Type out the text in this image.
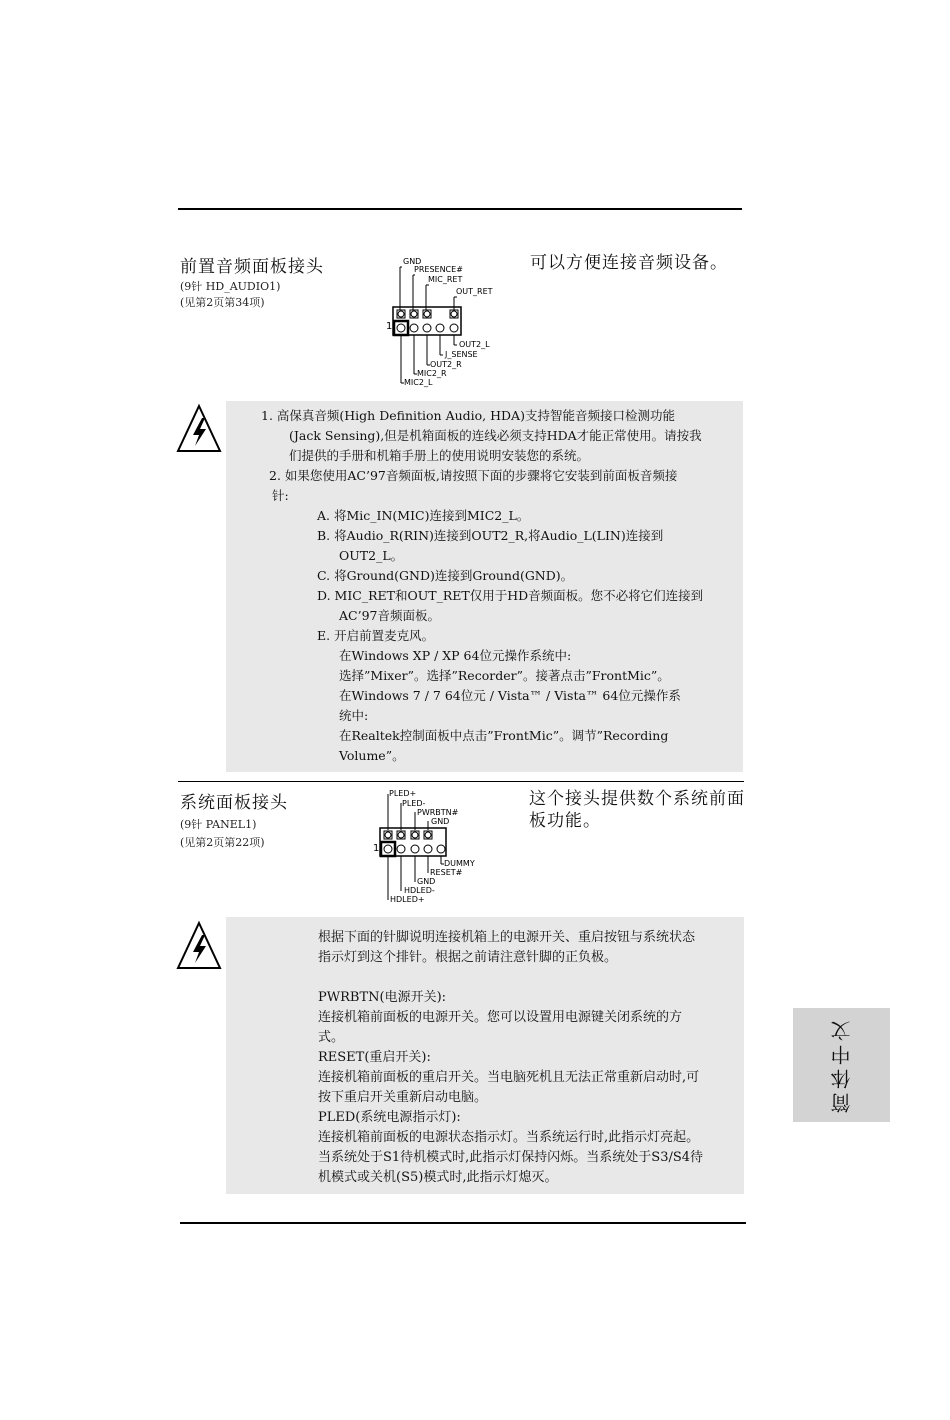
前置音频面板接头
(9针 HD_AUDIO1)
(见第2页第34项)
可以方便连接音频设备。
GND
PRESENCE#
MIC_RET
OUT_RET
1
OUT2_L
J_SENSE
OUT2_R
MIC2_R
MIC2_L
1. 高保真音频(High Definition Audio, HDA)支持智能音频接口检测功能
(Jack Sensing),但是机箱面板的连线必须支持HDA才能正常使用。请按我
们提供的手册和机箱手册上的使用说明安装您的系统。
2. 如果您使用AC’97音频面板,请按照下面的步骤将它安装到前面板音频接
针:
A. 将Mic_IN(MIC)连接到MIC2_L。
B. 将Audio_R(RIN)连接到OUT2_R,将Audio_L(LIN)连接到
OUT2_L。
C. 将Ground(GND)连接到Ground(GND)。
D. MIC_RET和OUT_RET仅用于HD音频面板。您不必将它们连接到
AC’97音频面板。
E. 开启前置麦克风。
在Windows XP / XP 64位元操作系统中:
选择”Mixer”。选择”Recorder”。接著点击”FrontMic”。
在Windows 7 / 7 64位元 / Vista™ / Vista™ 64位元操作系
统中:
在Realtek控制面板中点击”FrontMic”。调节”Recording
Volume”。
系统面板接头
(9针 PANEL1)
(见第2页第22项)
这个接头提供数个系统前面
板功能。
PLED+
PLED-
PWRBTN#
GND
1
DUMMY
RESET#
GND
HDLED-
HDLED+
根据下面的针脚说明连接机箱上的电源开关、重启按钮与系统状态
指示灯到这个排针。根据之前请注意针脚的正负极。
PWRBTN(电源开关):
连接机箱前面板的电源开关。您可以设置用电源键关闭系统的方
式。
RESET(重启开关):
连接机箱前面板的重启开关。当电脑死机且无法正常重新启动时,可
按下重启开关重新启动电脑。
PLED(系统电源指示灯):
连接机箱前面板的电源状态指示灯。当系统运行时,此指示灯亮起。
当系统处于S1待机模式时,此指示灯保持闪烁。当系统处于S3/S4待
机模式或关机(S5)模式时,此指示灯熄灭。
简体中文
